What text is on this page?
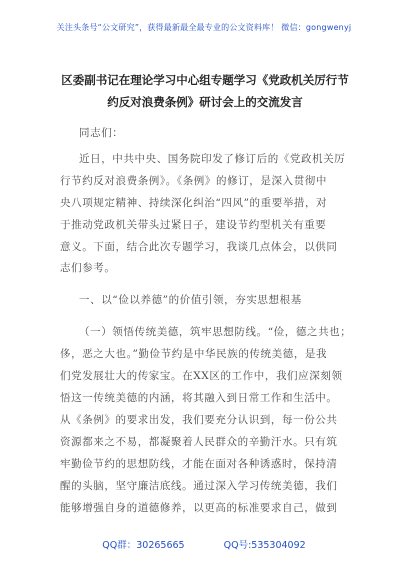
关注头条号“公文研究”，获得最新最全最专业的公文资料库！ 微信：gongwenyj
区委副书记在理论学习中心组专题学习《党政机关厉行节
约反对浪费条例》研讨会上的交流发言
同志们：
近日，中共中央、国务院印发了修订后的《党政机关厉
行节约反对浪费条例》。《条例》的修订，是深入贯彻中
央八项规定精神、持续深化纠治“四风”的重要举措，对
于推动党政机关带头过紧日子，建设节约型机关有重要
意义。下面，结合此次专题学习，我谈几点体会，以供同
志们参考。
一、以“俭以养德”的价值引领，夯实思想根基
（一）领悟传统美德，筑牢思想防线。“俭，德之共也；
侈，恶之大也。”勤俭节约是中华民族的传统美德，是我
们党发展壮大的传家宝。在XX区的工作中，我们应深刻领
悟这一传统美德的内涵，将其融入到日常工作和生活中。
从《条例》的要求出发，我们要充分认识到，每一份公共
资源都来之不易，都凝聚着人民群众的辛勤汗水。只有筑
牢勤俭节约的思想防线，才能在面对各种诱惑时，保持清
醒的头脑，坚守廉洁底线。通过深入学习传统美德，我们
能够增强自身的道德修养，以更高的标准要求自己，做到
QQ群：30265665	QQ号:535304092
